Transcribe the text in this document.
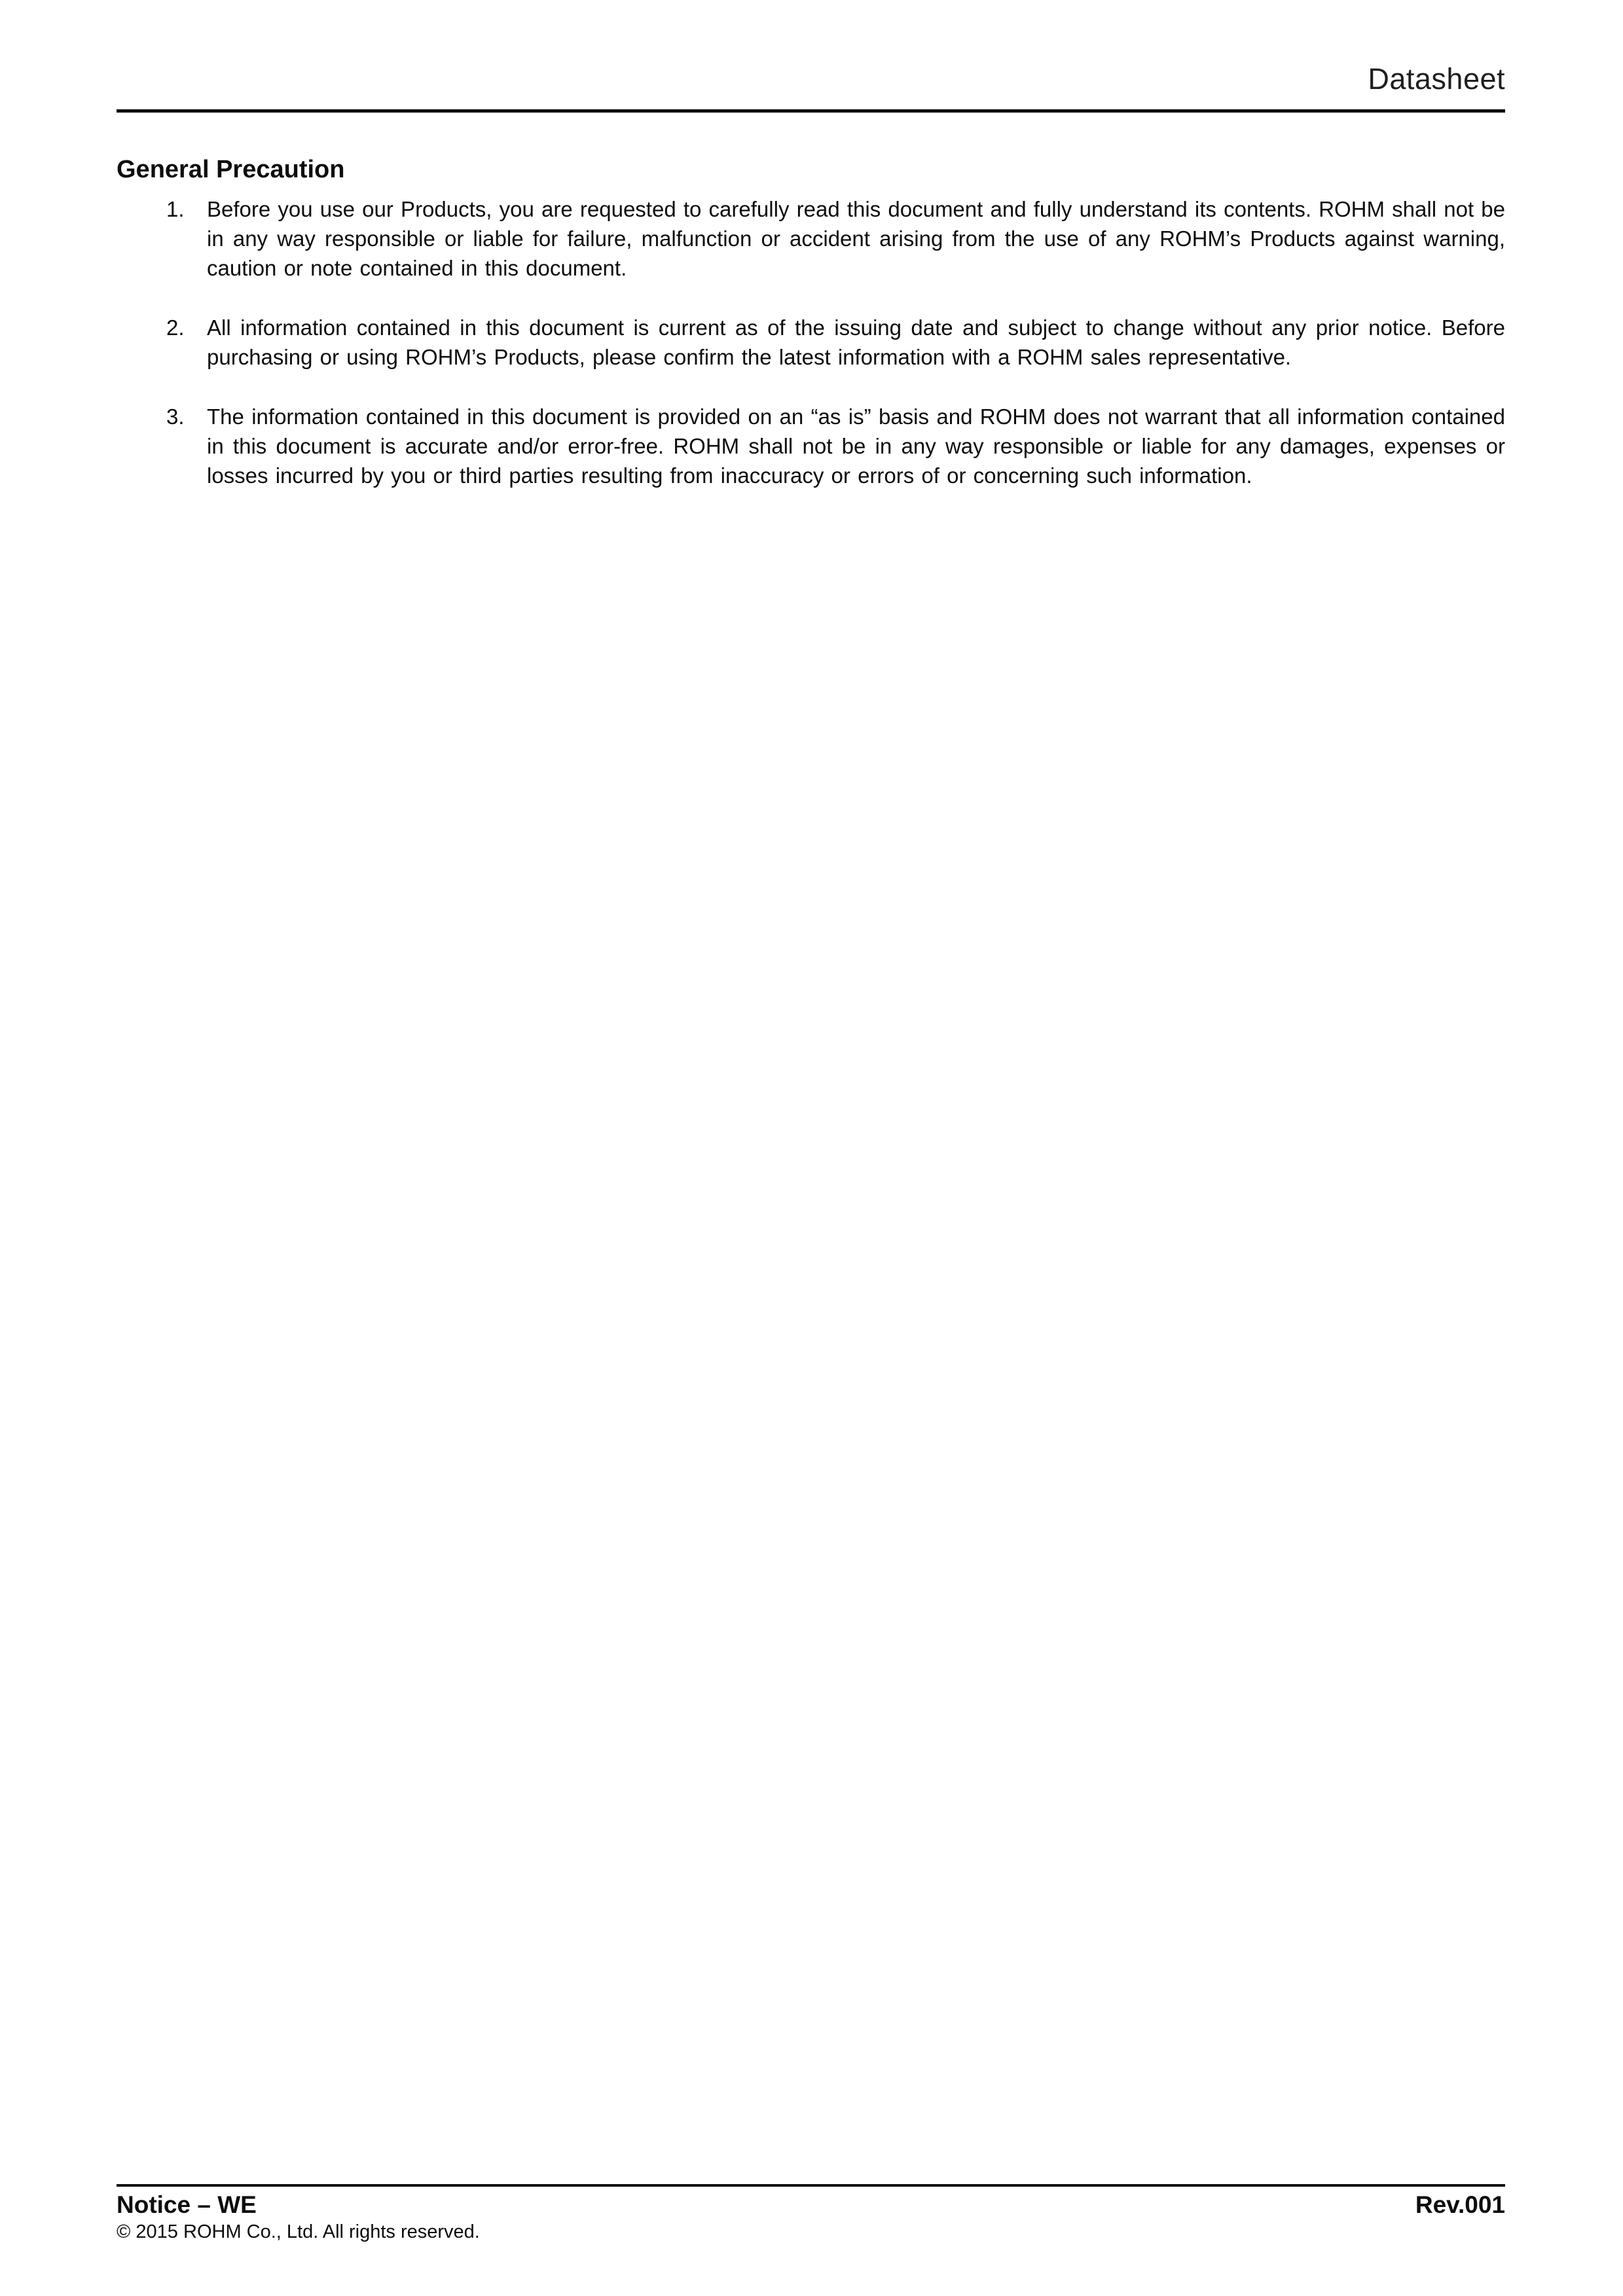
Datasheet
General Precaution
1.	Before you use our Products, you are requested to carefully read this document and fully understand its contents. ROHM shall not be in any way responsible or liable for failure, malfunction or accident arising from the use of any ROHM’s Products against warning, caution or note contained in this document.
2.	All information contained in this document is current as of the issuing date and subject to change without any prior notice. Before purchasing or using ROHM’s Products, please confirm the latest information with a ROHM sales representative.
3.	The information contained in this document is provided on an “as is” basis and ROHM does not warrant that all information contained in this document is accurate and/or error-free. ROHM shall not be in any way responsible or liable for any damages, expenses or losses incurred by you or third parties resulting from inaccuracy or errors of or concerning such information.
Notice – WE	Rev.001
© 2015 ROHM Co., Ltd. All rights reserved.
